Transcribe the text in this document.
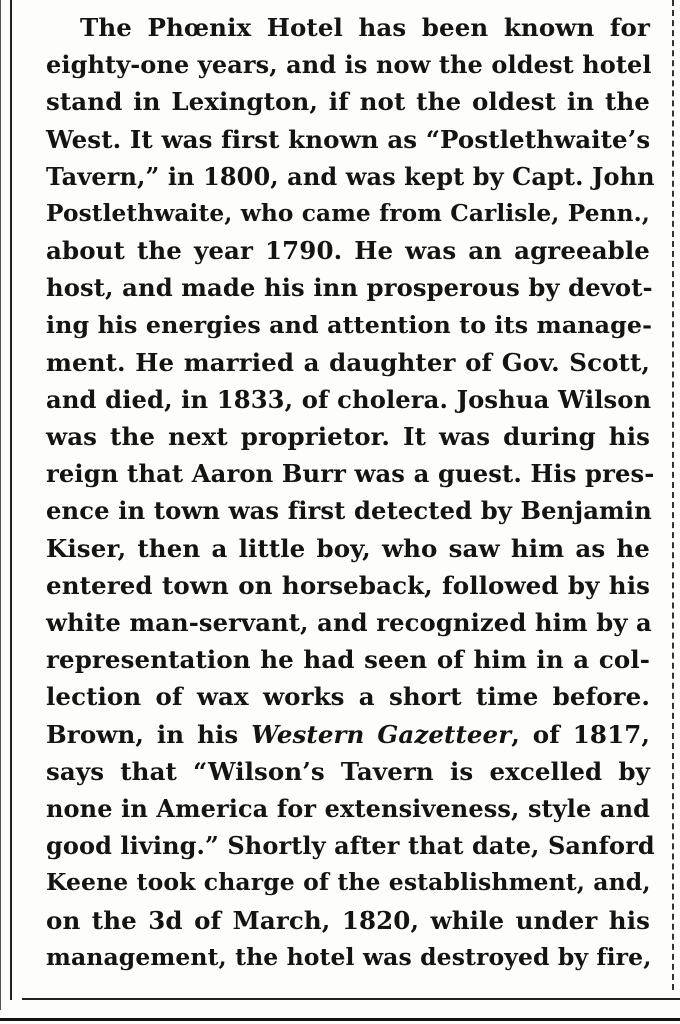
The Phœnix Hotel has been known for
eighty-one years, and is now the oldest hotel
stand in Lexington, if not the oldest in the
West. It was first known as “Postlethwaite’s
Tavern,” in 1800, and was kept by Capt. John
Postlethwaite, who came from Carlisle, Penn.,
about the year 1790. He was an agreeable
host, and made his inn prosperous by devot-
ing his energies and attention to its manage-
ment. He married a daughter of Gov. Scott,
and died, in 1833, of cholera. Joshua Wilson
was the next proprietor. It was during his
reign that Aaron Burr was a guest. His pres-
ence in town was first detected by Benjamin
Kiser, then a little boy, who saw him as he
entered town on horseback, followed by his
white man-servant, and recognized him by a
representation he had seen of him in a col-
lection of wax works a short time before.
Brown, in his Western Gazetteer, of 1817,
says that “Wilson’s Tavern is excelled by
none in America for extensiveness, style and
good living.” Shortly after that date, Sanford
Keene took charge of the establishment, and,
on the 3d of March, 1820, while under his
management, the hotel was destroyed by fire,
